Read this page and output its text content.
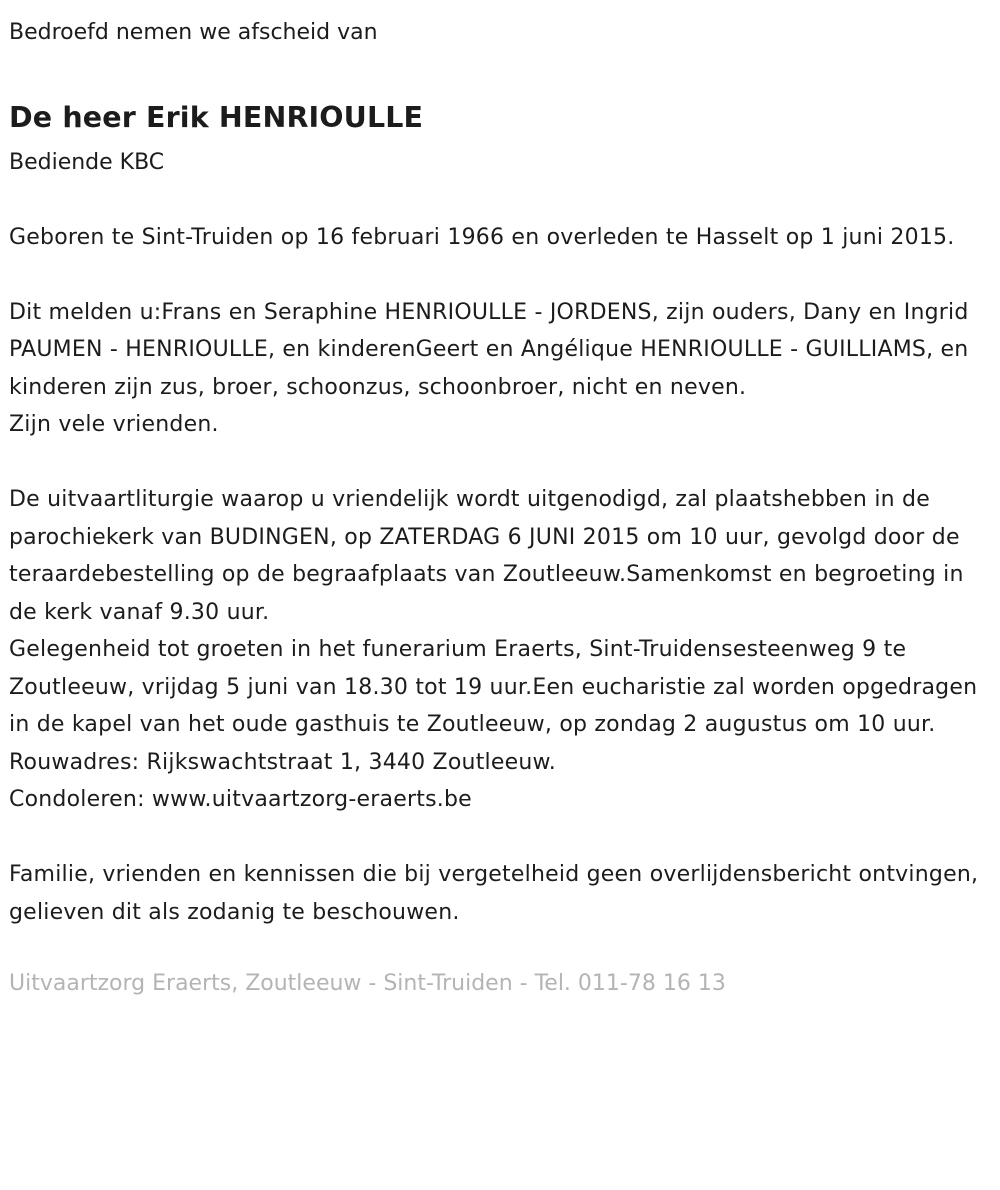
Bedroefd nemen we afscheid van
De heer Erik HENRIOULLE
Bediende KBC
Geboren te Sint-Truiden op 16 februari 1966 en overleden te Hasselt op 1 juni 2015.
Dit melden u:Frans en Seraphine HENRIOULLE - JORDENS, zijn ouders, Dany en Ingrid PAUMEN - HENRIOULLE, en kinderenGeert en Angélique HENRIOULLE - GUILLIAMS, en kinderen zijn zus, broer, schoonzus, schoonbroer, nicht en neven.
Zijn vele vrienden.
De uitvaartliturgie waarop u vriendelijk wordt uitgenodigd, zal plaatshebben in de parochiekerk van BUDINGEN, op ZATERDAG 6 JUNI 2015 om 10 uur, gevolgd door de teraardebestelling op de begraafplaats van Zoutleeuw.Samenkomst en begroeting in de kerk vanaf 9.30 uur.
Gelegenheid tot groeten in het funerarium Eraerts, Sint-Truidensesteenweg 9 te Zoutleeuw, vrijdag 5 juni van 18.30 tot 19 uur.Een eucharistie zal worden opgedragen in de kapel van het oude gasthuis te Zoutleeuw, op zondag 2 augustus om 10 uur.
Rouwadres: Rijkswachtstraat 1, 3440 Zoutleeuw.
Condoleren: www.uitvaartzorg-eraerts.be
Familie, vrienden en kennissen die bij vergetelheid geen overlijdensbericht ontvingen, gelieven dit als zodanig te beschouwen.
Uitvaartzorg Eraerts, Zoutleeuw - Sint-Truiden - Tel. 011-78 16 13
